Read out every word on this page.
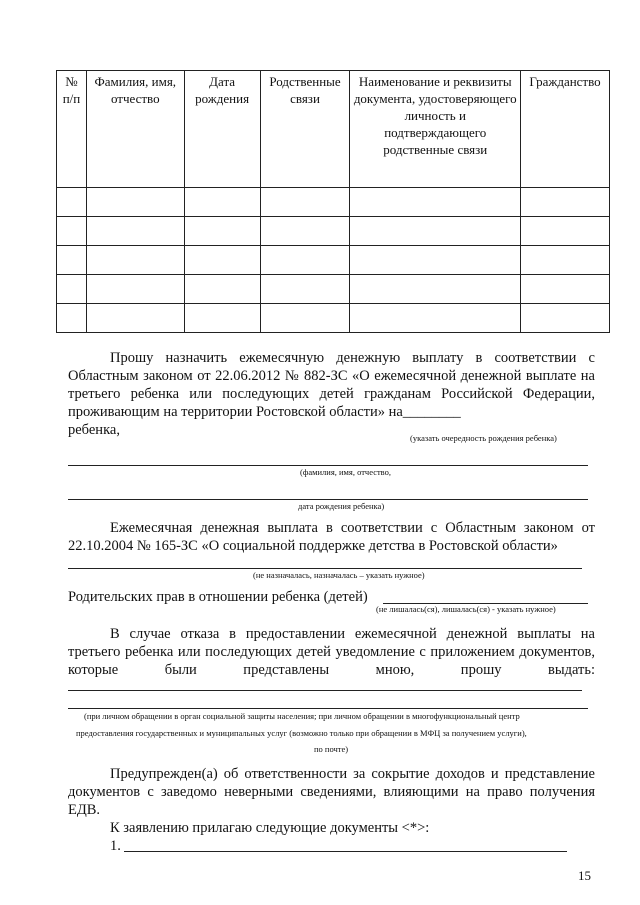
№ п/п	Фамилия, имя, отчество	Дата рождения	Родственные связи	Наименование и реквизиты документа, удостоверяющего личность и подтверждающего родственные связи	Гражданство

Прошу назначить ежемесячную денежную выплату в соответствии с Областным законом от 22.06.2012 № 882-ЗС «О ежемесячной денежной выплате на третьего ребенка или последующих детей гражданам Российской Федерации, проживающим на территории Ростовской области» на________
ребенка,	(указать очередность рождения ребенка)
(фамилия, имя, отчество,
дата рождения ребенка)
Ежемесячная денежная выплата в соответствии с Областным законом от 22.10.2004 № 165-ЗС «О социальной поддержке детства в Ростовской области»
(не назначалась, назначалась – указать нужное)
Родительских прав в отношении ребенка (детей)
(не лишалась(ся), лишалась(ся) - указать нужное)
В случае отказа в предоставлении ежемесячной денежной выплаты на третьего ребенка или последующих детей уведомление с приложением документов, которые были представлены мною, прошу выдать:
(при личном обращении в орган социальной защиты населения; при личном обращении в многофункциональный центр
предоставления государственных и муниципальных услуг (возможно только при обращении в МФЦ за получением услуги),
по почте)
Предупрежден(а) об ответственности за сокрытие доходов и представление документов с заведомо неверными сведениями, влияющими на право получения ЕДВ.
К заявлению прилагаю следующие документы <*>:
1.
15
